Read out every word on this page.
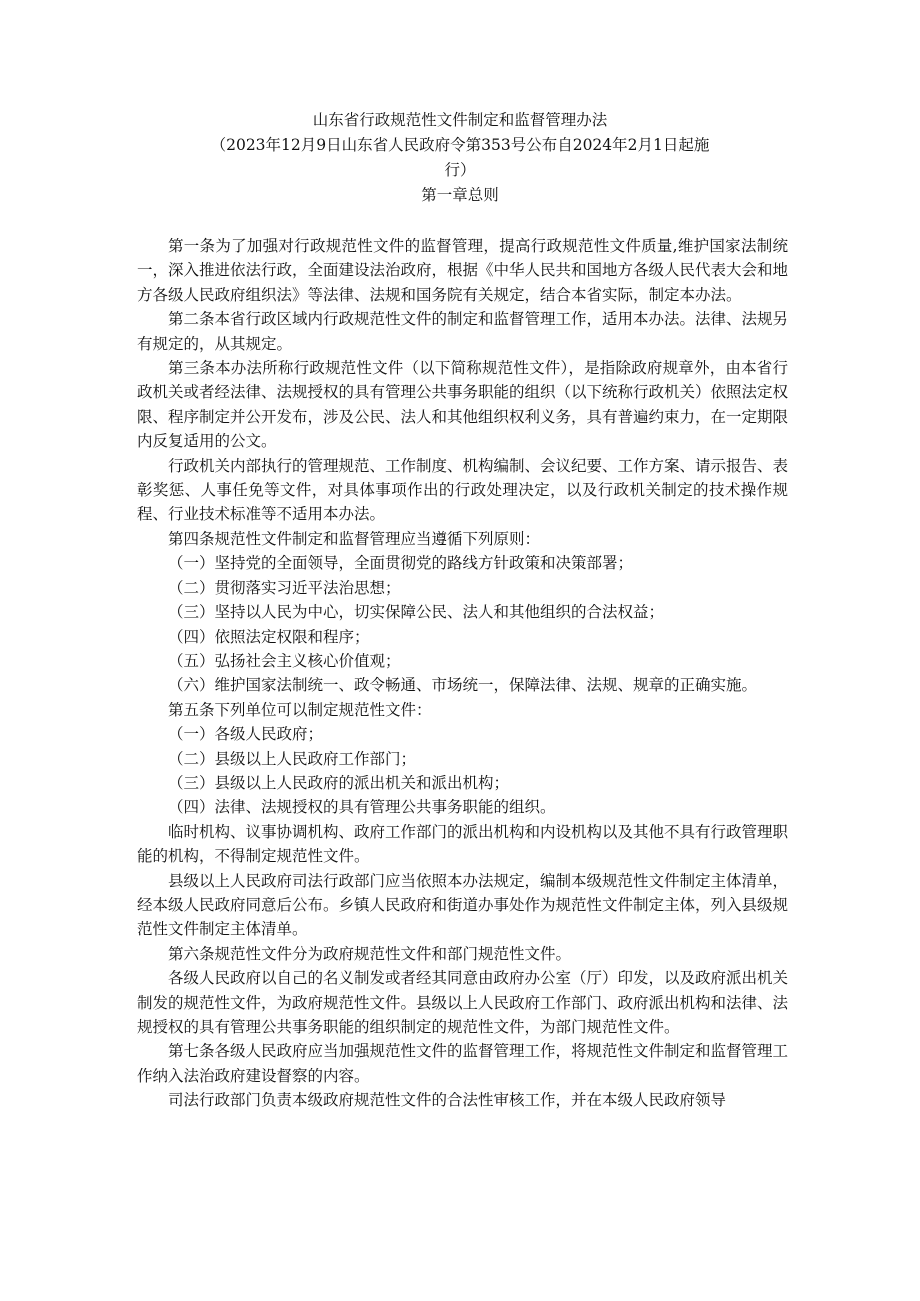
山东省行政规范性文件制定和监督管理办法
（2023年12月9日山东省人民政府令第353号公布自2024年2月1日起施
行）
第一章总则

第一条为了加强对行政规范性文件的监督管理，提高行政规范性文件质量,维护国家法制统一，深入推进依法行政，全面建设法治政府，根据《中华人民共和国地方各级人民代表大会和地方各级人民政府组织法》等法律、法规和国务院有关规定，结合本省实际，制定本办法。

第二条本省行政区域内行政规范性文件的制定和监督管理工作，适用本办法。法律、法规另有规定的，从其规定。

第三条本办法所称行政规范性文件（以下简称规范性文件），是指除政府规章外，由本省行政机关或者经法律、法规授权的具有管理公共事务职能的组织（以下统称行政机关）依照法定权限、程序制定并公开发布，涉及公民、法人和其他组织权利义务，具有普遍约束力，在一定期限内反复适用的公文。

行政机关内部执行的管理规范、工作制度、机构编制、会议纪要、工作方案、请示报告、表彰奖惩、人事任免等文件，对具体事项作出的行政处理决定，以及行政机关制定的技术操作规程、行业技术标准等不适用本办法。

第四条规范性文件制定和监督管理应当遵循下列原则：

（一）坚持党的全面领导，全面贯彻党的路线方针政策和决策部署；

（二）贯彻落实习近平法治思想；

（三）坚持以人民为中心，切实保障公民、法人和其他组织的合法权益；

（四）依照法定权限和程序；

（五）弘扬社会主义核心价值观；

（六）维护国家法制统一、政令畅通、市场统一，保障法律、法规、规章的正确实施。

第五条下列单位可以制定规范性文件：

（一）各级人民政府；

（二）县级以上人民政府工作部门；

（三）县级以上人民政府的派出机关和派出机构；

（四）法律、法规授权的具有管理公共事务职能的组织。

临时机构、议事协调机构、政府工作部门的派出机构和内设机构以及其他不具有行政管理职能的机构，不得制定规范性文件。

县级以上人民政府司法行政部门应当依照本办法规定，编制本级规范性文件制定主体清单，经本级人民政府同意后公布。乡镇人民政府和街道办事处作为规范性文件制定主体，列入县级规范性文件制定主体清单。

第六条规范性文件分为政府规范性文件和部门规范性文件。

各级人民政府以自己的名义制发或者经其同意由政府办公室（厅）印发，以及政府派出机关制发的规范性文件，为政府规范性文件。县级以上人民政府工作部门、政府派出机构和法律、法规授权的具有管理公共事务职能的组织制定的规范性文件，为部门规范性文件。

第七条各级人民政府应当加强规范性文件的监督管理工作，将规范性文件制定和监督管理工作纳入法治政府建设督察的内容。

司法行政部门负责本级政府规范性文件的合法性审核工作，并在本级人民政府领导
